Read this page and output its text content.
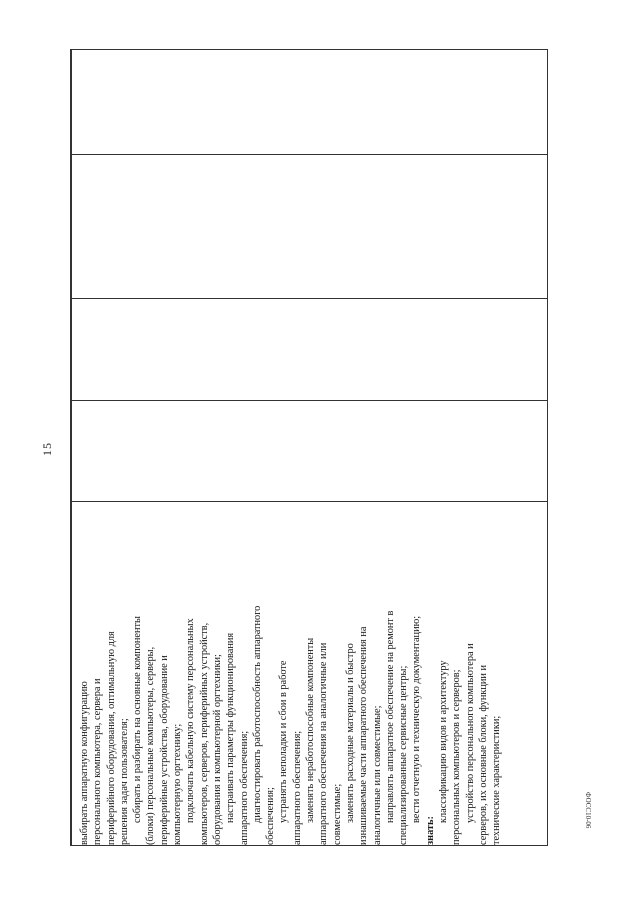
15

выбирать аппаратную конфигурацию персонального компьютера, сервера и периферийного оборудования, оптимальную для решения задач пользователя; собирать и разбирать на основные компоненты (блоки) персональные компьютеры, серверы, периферийные устройства, оборудование и компьютерную оргтехнику; подключать кабельную систему персональных компьютеров, серверов, периферийных устройств, оборудования и компьютерной оргтехники; настраивать параметры функционирования аппаратного обеспечения; диагностировать работоспособность аппаратного обеспечения; устранять неполадки и сбои в работе аппаратного обеспечения; заменять неработоспособные компоненты аппаратного обеспечения на аналогичные или совместимые; заменять расходные материалы и быстро изнашиваемые части аппаратного обеспечения на аналогичные или совместимые; направлять аппаратное обеспечение на ремонт в специализированные сервисные центры; вести отчетную и техническую документацию;

знать:

классификацию видов и архитектуру персональных компьютеров и серверов; устройство персонального компьютера и серверов, их основные блоки, функции и технические характеристики;	ФОСС10-06
